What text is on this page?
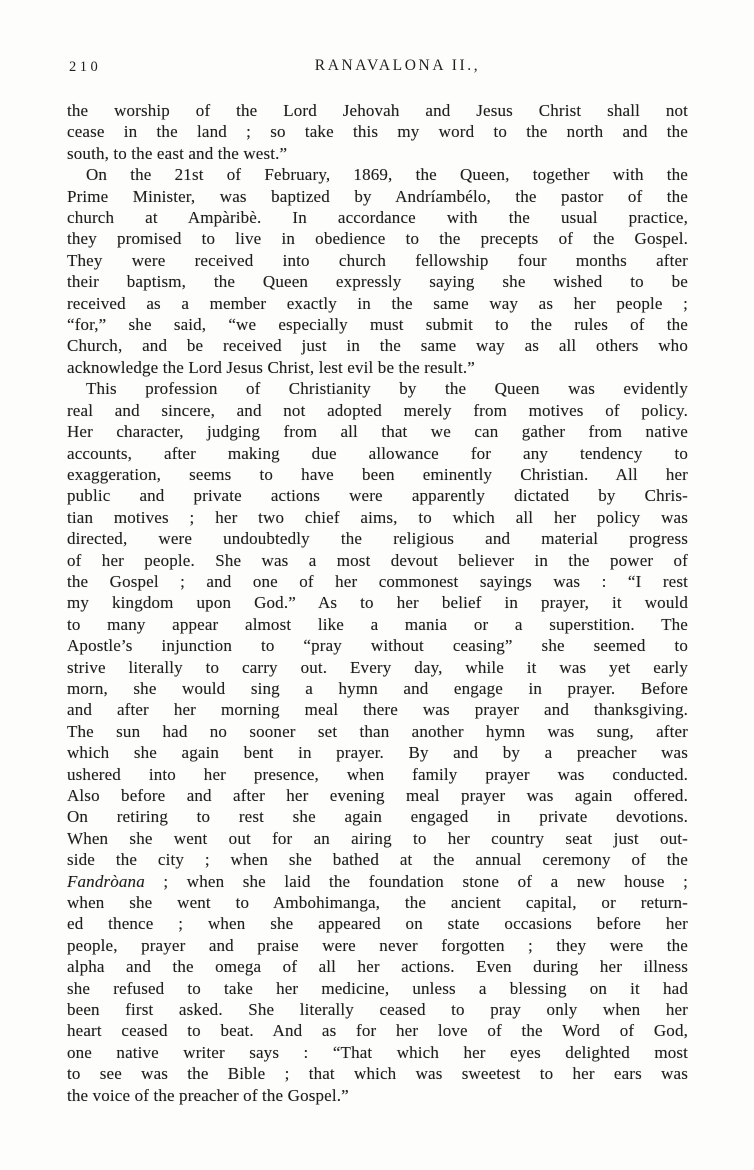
210	RANAVALONA II.,
the worship of the Lord Jehovah and Jesus Christ shall not
cease in the land ; so take this my word to the north and the
south, to the east and the west.”
On the 21st of February, 1869, the Queen, together with the
Prime Minister, was baptized by Andríambélo, the pastor of the
church at Ampàribè. In accordance with the usual practice,
they promised to live in obedience to the precepts of the Gospel.
They were received into church fellowship four months after
their baptism, the Queen expressly saying she wished to be
received as a member exactly in the same way as her people ;
“for,” she said, “we especially must submit to the rules of the
Church, and be received just in the same way as all others who
acknowledge the Lord Jesus Christ, lest evil be the result.”
This profession of Christianity by the Queen was evidently
real and sincere, and not adopted merely from motives of policy.
Her character, judging from all that we can gather from native
accounts, after making due allowance for any tendency to
exaggeration, seems to have been eminently Christian. All her
public and private actions were apparently dictated by Chris-
tian motives ; her two chief aims, to which all her policy was
directed, were undoubtedly the religious and material progress
of her people. She was a most devout believer in the power of
the Gospel ; and one of her commonest sayings was : “I rest
my kingdom upon God.” As to her belief in prayer, it would
to many appear almost like a mania or a superstition. The
Apostle’s injunction to “pray without ceasing” she seemed to
strive literally to carry out. Every day, while it was yet early
morn, she would sing a hymn and engage in prayer. Before
and after her morning meal there was prayer and thanksgiving.
The sun had no sooner set than another hymn was sung, after
which she again bent in prayer. By and by a preacher was
ushered into her presence, when family prayer was conducted.
Also before and after her evening meal prayer was again offered.
On retiring to rest she again engaged in private devotions.
When she went out for an airing to her country seat just out-
side the city ; when she bathed at the annual ceremony of the
Fandròana ; when she laid the foundation stone of a new house ;
when she went to Ambohimanga, the ancient capital, or return-
ed thence ; when she appeared on state occasions before her
people, prayer and praise were never forgotten ; they were the
alpha and the omega of all her actions. Even during her illness
she refused to take her medicine, unless a blessing on it had
been first asked. She literally ceased to pray only when her
heart ceased to beat. And as for her love of the Word of God,
one native writer says : “That which her eyes delighted most
to see was the Bible ; that which was sweetest to her ears was
the voice of the preacher of the Gospel.”
